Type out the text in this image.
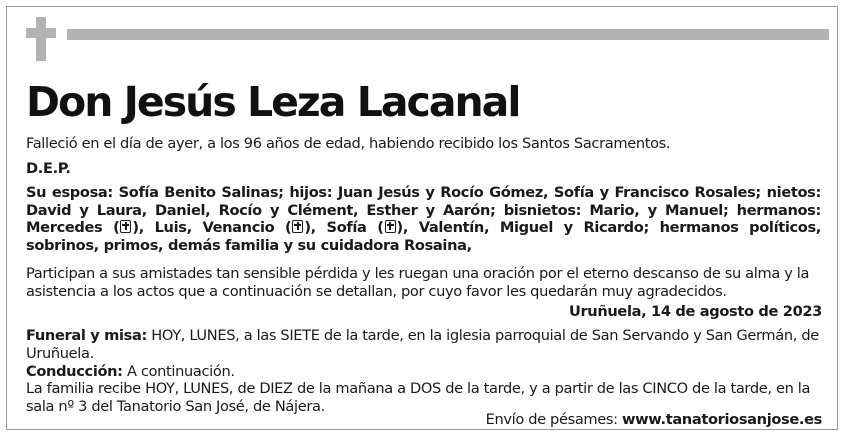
Don Jesús Leza Lacanal
Falleció en el día de ayer, a los 96 años de edad, habiendo recibido los Santos Sacramentos.
D.E.P.
Su esposa: Sofía Benito Salinas; hijos: Juan Jesús y Rocío Gómez, Sofía y Francisco Rosales; nietos: David y Laura, Daniel, Rocío y Clément, Esther y Aarón; bisnietos: Mario, y Manuel; hermanos: Mercedes ( ), Luis, Venancio ( ), Sofía ( ), Valentín, Miguel y Ricardo; hermanos políticos, sobrinos, primos, demás familia y su cuidadora Rosaina,
Participan a sus amistades tan sensible pérdida y les ruegan una oración por el eterno descanso de su alma y la asistencia a los actos que a continuación se detallan, por cuyo favor les quedarán muy agradecidos.
Uruñuela, 14 de agosto de 2023
Funeral y misa: HOY, LUNES, a las SIETE de la tarde, en la iglesia parroquial de San Servando y San Germán, de Uruñuela.
Conducción: A continuación.
La familia recibe HOY, LUNES, de DIEZ de la mañana a DOS de la tarde, y a partir de las CINCO de la tarde, en la sala nº 3 del Tanatorio San José, de Nájera.
Envío de pésames: www.tanatoriosanjose.es
